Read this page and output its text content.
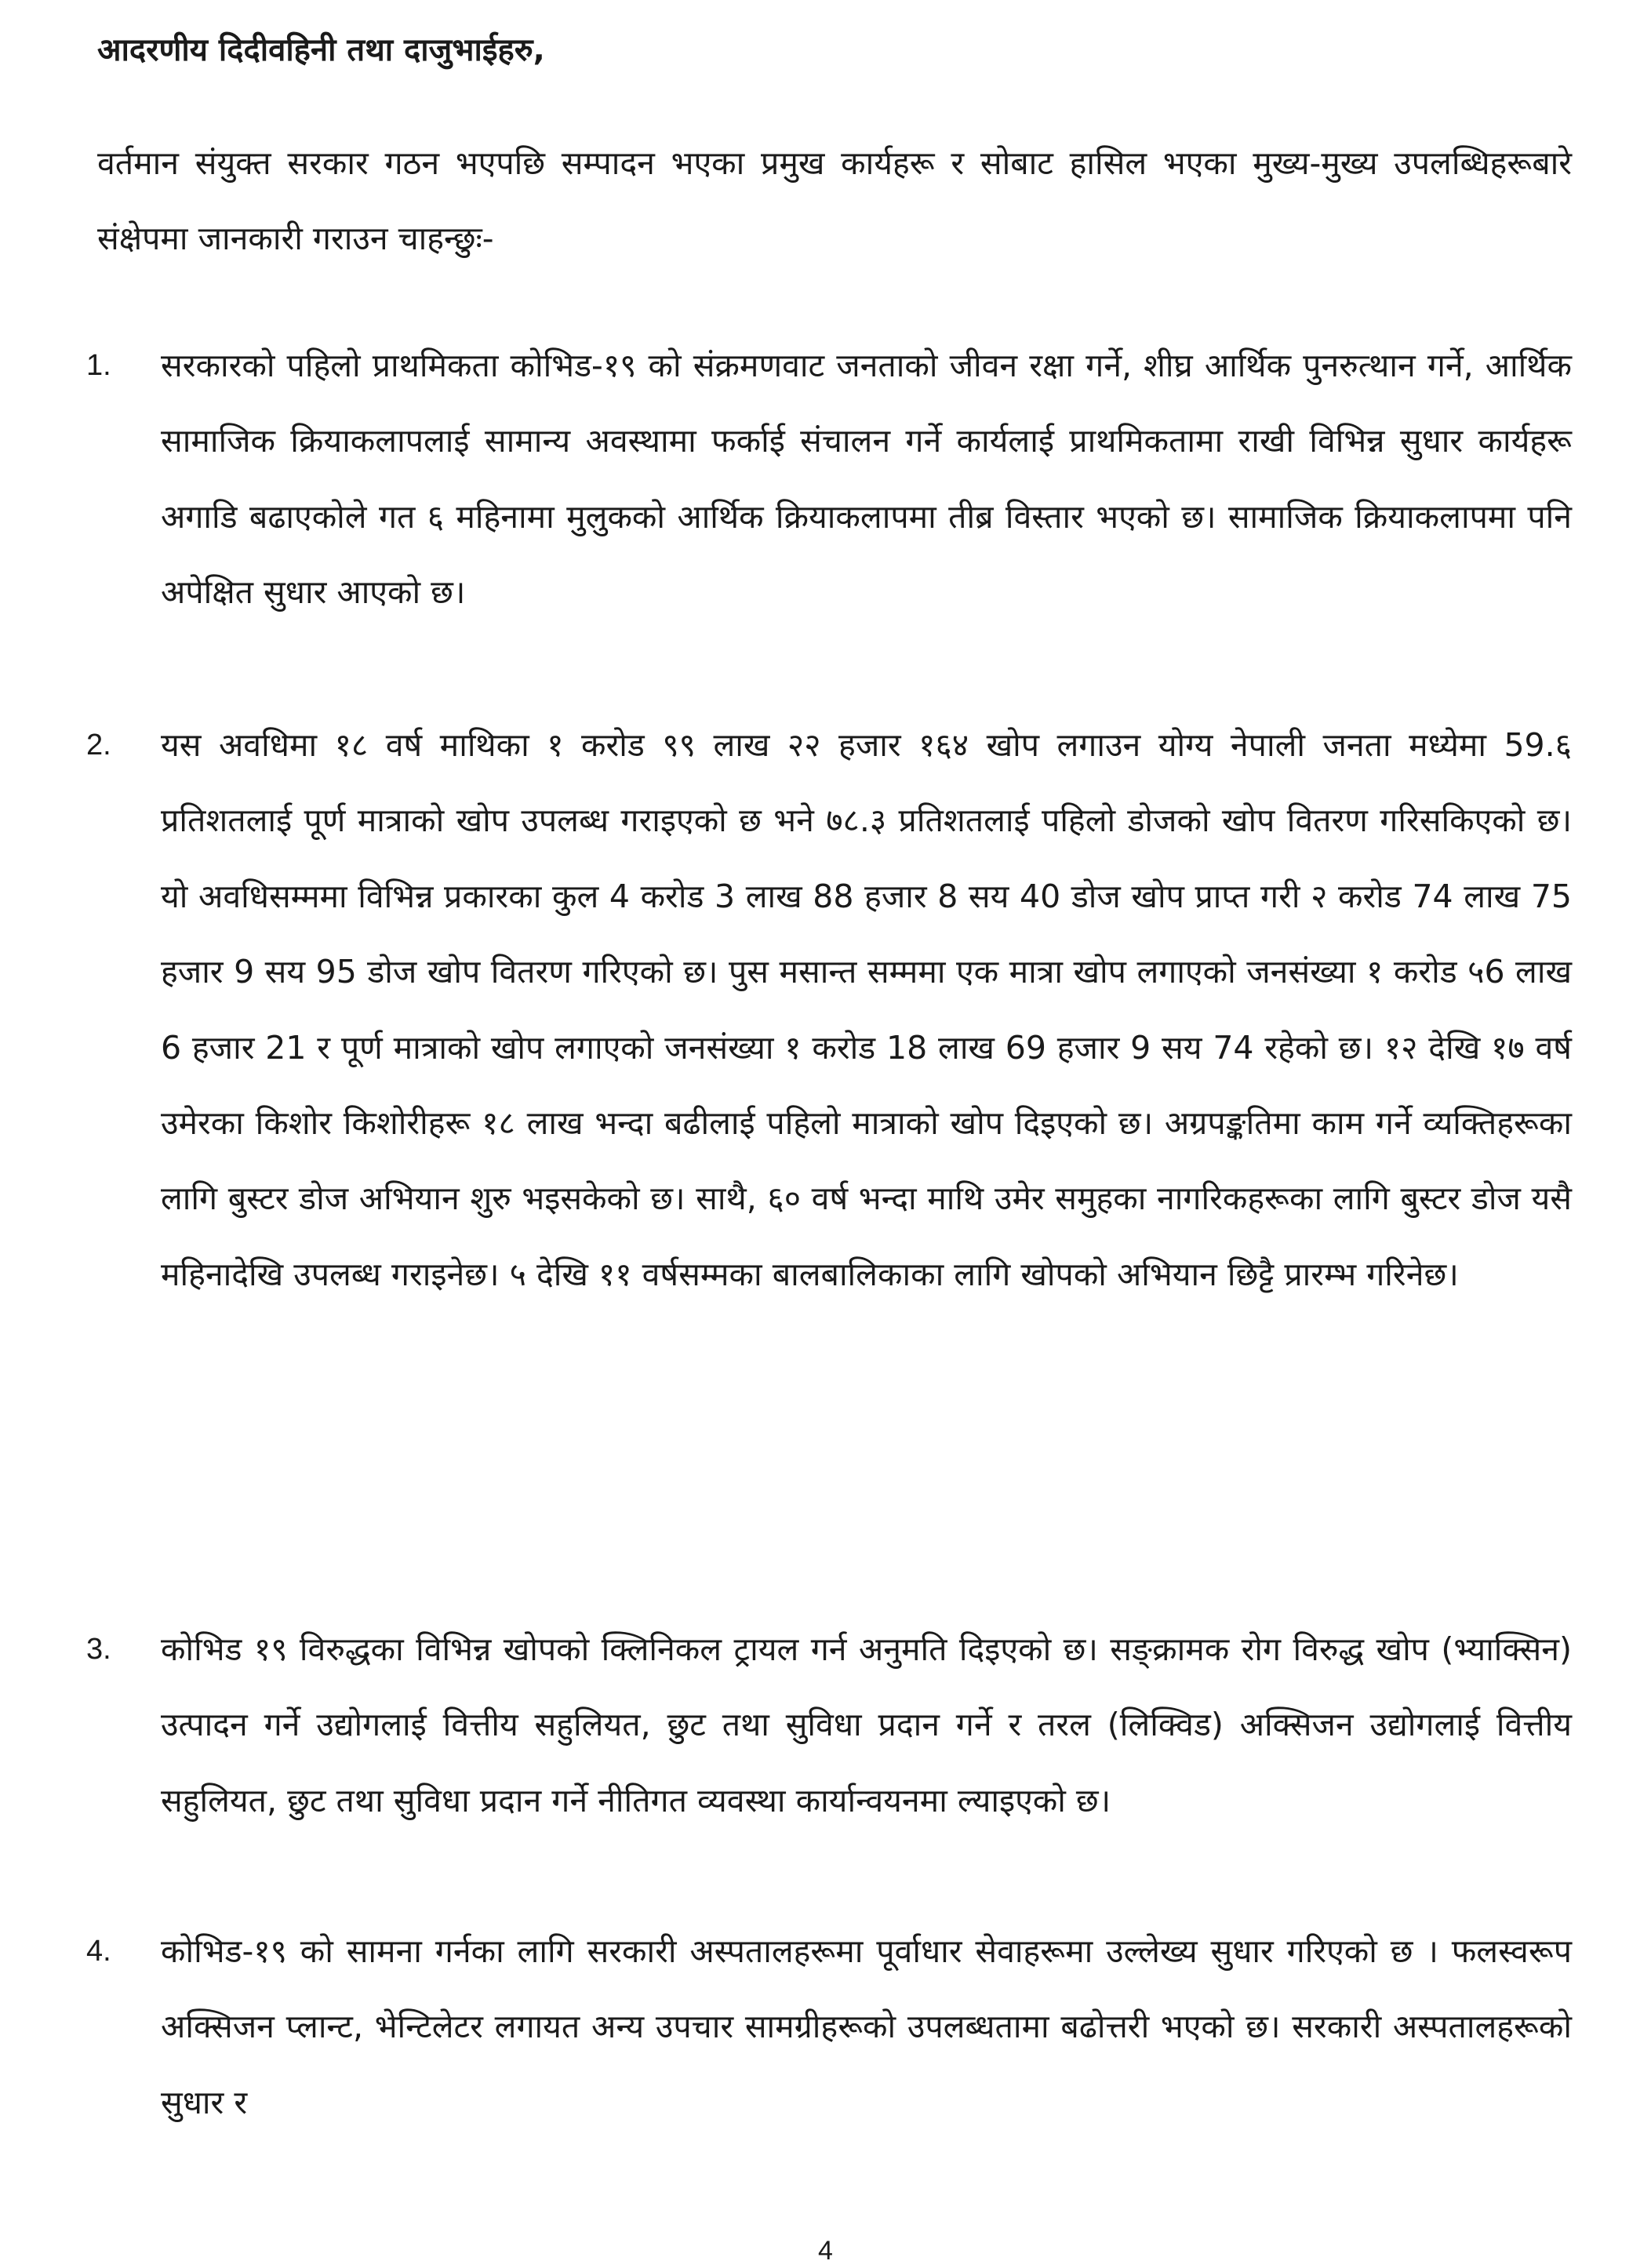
आदरणीय दिदीवहिनी तथा दाजुभाईहरु,
वर्तमान संयुक्त सरकार गठन भएपछि सम्पादन भएका प्रमुख कार्यहरू र सोबाट हासिल भएका मुख्य-मुख्य उपलब्धिहरूबारे संक्षेपमा जानकारी गराउन चाहन्छुः-
1.	सरकारको पहिलो प्राथमिकता कोभिड-१९ को संक्रमणवाट जनताको जीवन रक्षा गर्ने, शीघ्र आर्थिक पुनरुत्थान गर्ने, आर्थिक सामाजिक क्रियाकलापलाई सामान्य अवस्थामा फर्काई संचालन गर्ने कार्यलाई प्राथमिकतामा राखी विभिन्न सुधार कार्यहरू अगाडि बढाएकोले गत ६ महिनामा मुलुकको आर्थिक क्रियाकलापमा तीब्र विस्तार भएको छ। सामाजिक क्रियाकलापमा पनि अपेक्षित सुधार आएको छ।
2.	यस अवधिमा १८ वर्ष माथिका १ करोड ९९ लाख २२ हजार १६४ खोप लगाउन योग्य नेपाली जनता मध्येमा 59.६ प्रतिशतलाई पूर्ण मात्राको खोप उपलब्ध गराइएको छ भने ७८.३ प्रतिशतलाई पहिलो डोजको खोप वितरण गरिसकिएको छ। यो अवधिसम्ममा विभिन्न प्रकारका कुल 4 करोड 3 लाख 88 हजार 8 सय 40 डोज खोप प्राप्त गरी २ करोड 74 लाख 75 हजार 9 सय 95 डोज खोप वितरण गरिएको छ। पुस मसान्त सम्ममा एक मात्रा खोप लगाएको जनसंख्या १ करोड ५6 लाख 6 हजार 21 र पूर्ण मात्राको खोप लगाएको जनसंख्या १ करोड 18 लाख 69 हजार 9 सय 74 रहेको छ। १२ देखि १७ वर्ष उमेरका किशोर किशोरीहरू १८ लाख भन्दा बढीलाई पहिलो मात्राको खोप दिइएको छ। अग्रपङ्कतिमा काम गर्ने व्यक्तिहरूका लागि बुस्टर डोज अभियान शुरु भइसकेको छ। साथै, ६० वर्ष भन्दा माथि उमेर समुहका नागरिकहरूका लागि बुस्टर डोज यसै महिनादेखि उपलब्ध गराइनेछ। ५ देखि ११ वर्षसम्मका बालबालिकाका लागि खोपको अभियान छिट्टै प्रारम्भ गरिनेछ।
3.	कोभिड १९ विरुद्धका विभिन्न खोपको क्लिनिकल ट्रायल गर्न अनुमति दिइएको छ। सङ्क्रामक रोग विरुद्ध खोप (भ्याक्सिन) उत्पादन गर्ने उद्योगलाई वित्तीय सहुलियत, छुट तथा सुविधा प्रदान गर्ने र तरल (लिक्विड) अक्सिजन उद्योगलाई वित्तीय सहुलियत, छुट तथा सुविधा प्रदान गर्ने नीतिगत व्यवस्था कार्यान्वयनमा ल्याइएको छ।
4.	कोभिड-१९ को सामना गर्नका लागि सरकारी अस्पतालहरूमा पूर्वाधार सेवाहरूमा उल्लेख्य सुधार गरिएको छ । फलस्वरूप अक्सिजन प्लान्ट, भेन्टिलेटर लगायत अन्य उपचार सामग्रीहरूको उपलब्धतामा बढोत्तरी भएको छ। सरकारी अस्पतालहरूको सुधार र
4
